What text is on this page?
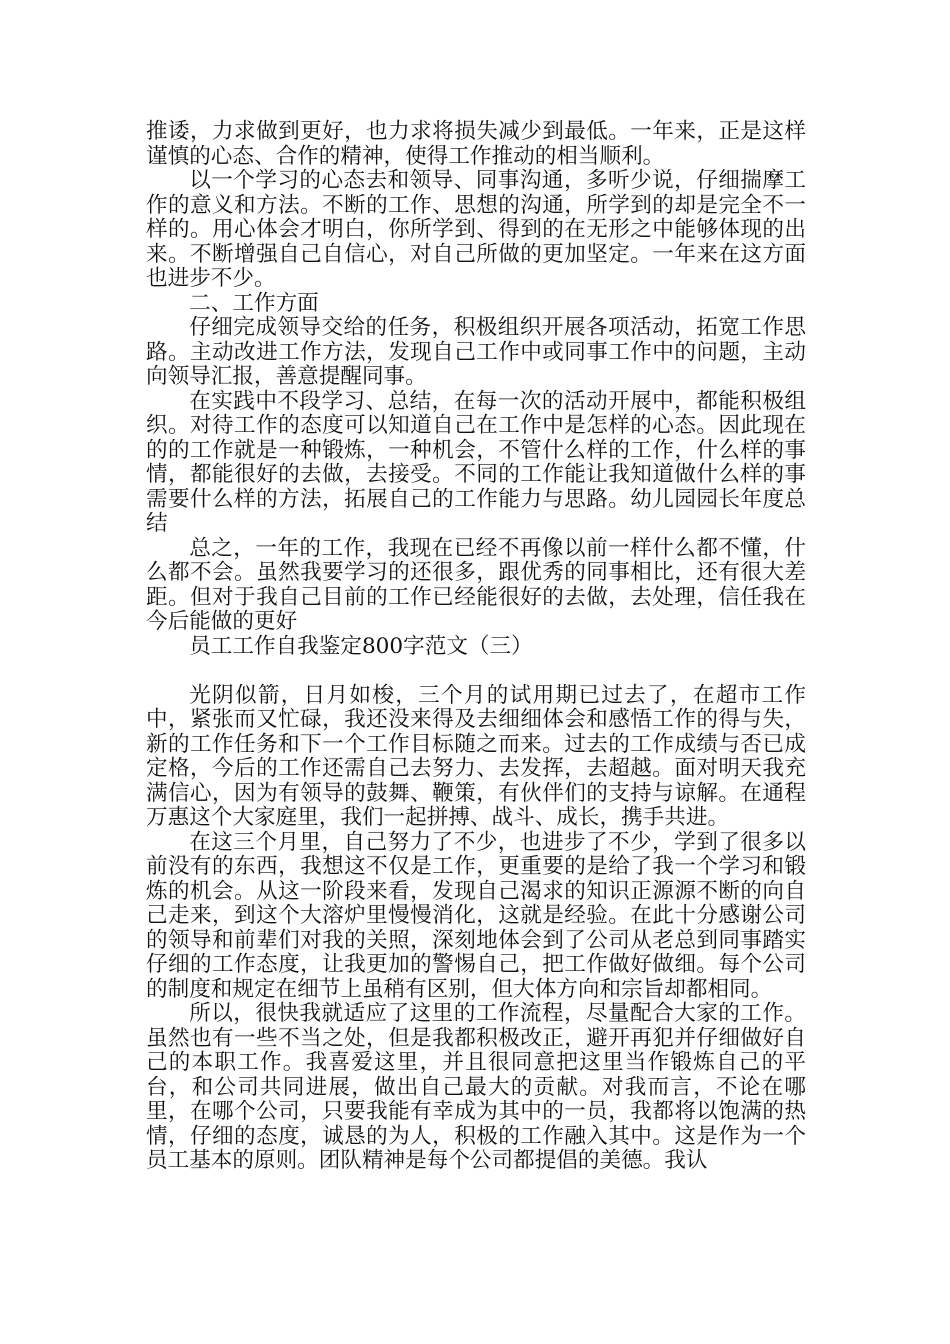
推诿，力求做到更好，也力求将损失减少到最低。一年来，正是这样谨慎的心态、合作的精神，使得工作推动的相当顺利。

以一个学习的心态去和领导、同事沟通，多听少说，仔细揣摩工作的意义和方法。不断的工作、思想的沟通，所学到的却是完全不一样的。用心体会才明白，你所学到、得到的在无形之中能够体现的出来。不断增强自己自信心，对自己所做的更加坚定。一年来在这方面也进步不少。

二、工作方面

仔细完成领导交给的任务，积极组织开展各项活动，拓宽工作思路。主动改进工作方法，发现自己工作中或同事工作中的问题，主动向领导汇报，善意提醒同事。

在实践中不段学习、总结，在每一次的活动开展中，都能积极组织。对待工作的态度可以知道自己在工作中是怎样的心态。因此现在的的工作就是一种锻炼，一种机会，不管什么样的工作，什么样的事情，都能很好的去做，去接受。不同的工作能让我知道做什么样的事需要什么样的方法，拓展自己的工作能力与思路。幼儿园园长年度总结

总之，一年的工作，我现在已经不再像以前一样什么都不懂，什么都不会。虽然我要学习的还很多，跟优秀的同事相比，还有很大差距。但对于我自己目前的工作已经能很好的去做，去处理，信任我在今后能做的更好

员工工作自我鉴定800字范文（三）

光阴似箭，日月如梭，三个月的试用期已过去了，在超市工作中，紧张而又忙碌，我还没来得及去细细体会和感悟工作的得与失，新的工作任务和下一个工作目标随之而来。过去的工作成绩与否已成定格，今后的工作还需自己去努力、去发挥，去超越。面对明天我充满信心，因为有领导的鼓舞、鞭策，有伙伴们的支持与谅解。在通程万惠这个大家庭里，我们一起拼搏、战斗、成长，携手共进。

在这三个月里，自己努力了不少，也进步了不少，学到了很多以前没有的东西，我想这不仅是工作，更重要的是给了我一个学习和锻炼的机会。从这一阶段来看，发现自己渴求的知识正源源不断的向自己走来，到这个大溶炉里慢慢消化，这就是经验。在此十分感谢公司的领导和前辈们对我的关照，深刻地体会到了公司从老总到同事踏实仔细的工作态度，让我更加的警惕自己，把工作做好做细。每个公司的制度和规定在细节上虽稍有区别，但大体方向和宗旨却都相同。

所以，很快我就适应了这里的工作流程，尽量配合大家的工作。虽然也有一些不当之处，但是我都积极改正，避开再犯并仔细做好自己的本职工作。我喜爱这里，并且很同意把这里当作锻炼自己的平台，和公司共同进展，做出自己最大的贡献。对我而言，不论在哪里，在哪个公司，只要我能有幸成为其中的一员，我都将以饱满的热情，仔细的态度，诚恳的为人，积极的工作融入其中。这是作为一个员工基本的原则。团队精神是每个公司都提倡的美德。我认
